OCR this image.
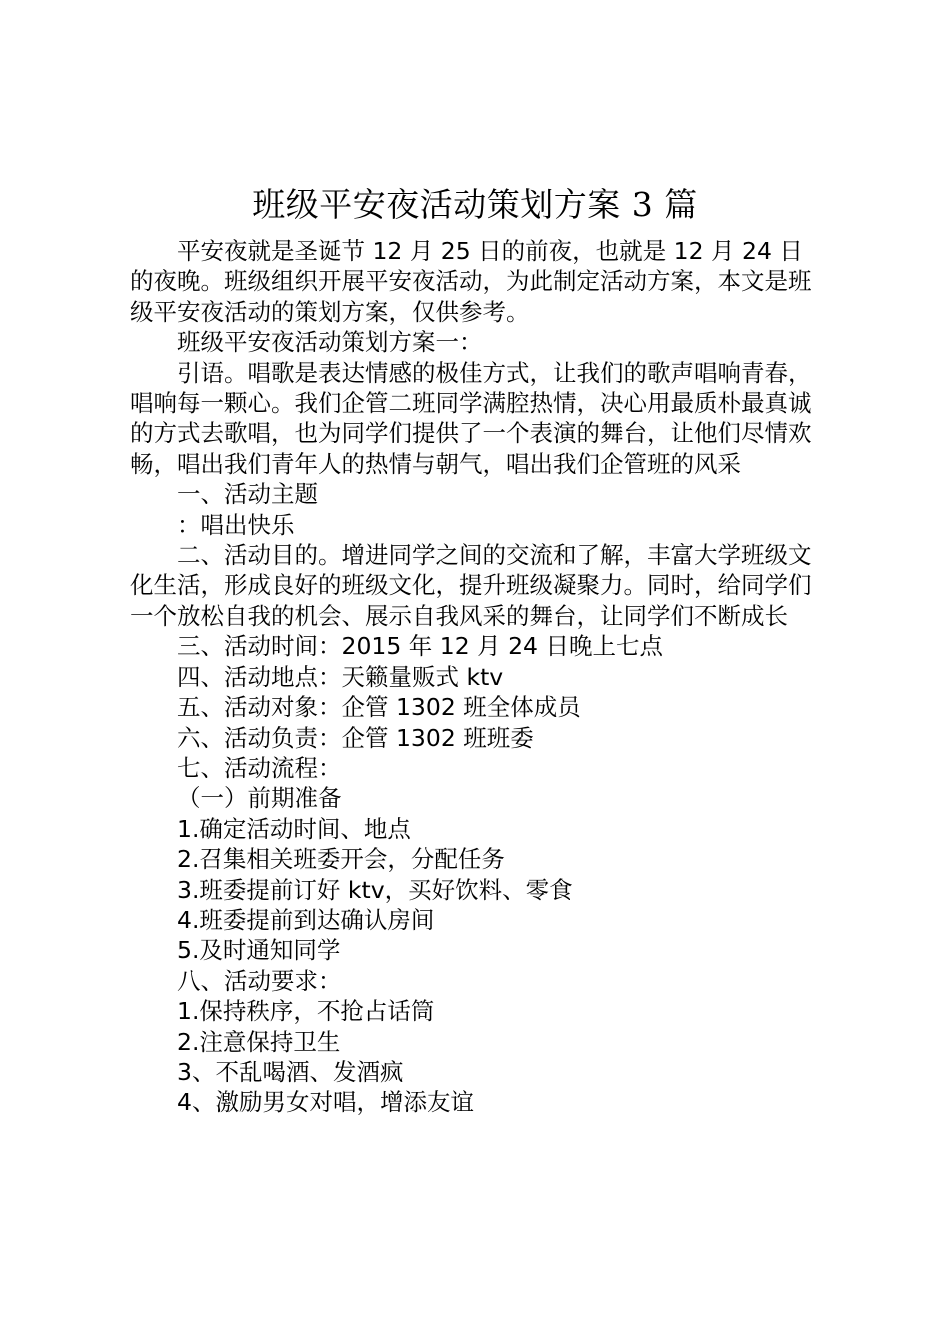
班级平安夜活动策划方案 3 篇

平安夜就是圣诞节 12 月 25 日的前夜，也就是 12 月 24 日的夜晚。班级组织开展平安夜活动，为此制定活动方案，本文是班级平安夜活动的策划方案，仅供参考。

班级平安夜活动策划方案一：

引语。唱歌是表达情感的极佳方式，让我们的歌声唱响青春，唱响每一颗心。我们企管二班同学满腔热情，决心用最质朴最真诚的方式去歌唱，也为同学们提供了一个表演的舞台，让他们尽情欢畅，唱出我们青年人的热情与朝气，唱出我们企管班的风采

一、活动主题

：唱出快乐

二、活动目的。增进同学之间的交流和了解，丰富大学班级文化生活，形成良好的班级文化，提升班级凝聚力。同时，给同学们一个放松自我的机会、展示自我风采的舞台，让同学们不断成长

三、活动时间：2015 年 12 月 24 日晚上七点

四、活动地点：天籁量贩式 ktv

五、活动对象：企管 1302 班全体成员

六、活动负责：企管 1302 班班委

七、活动流程：

（一）前期准备

1.确定活动时间、地点

2.召集相关班委开会，分配任务

3.班委提前订好 ktv，买好饮料、零食

4.班委提前到达确认房间

5.及时通知同学

八、活动要求：

1.保持秩序，不抢占话筒

2.注意保持卫生

3、不乱喝酒、发酒疯

4、激励男女对唱，增添友谊
